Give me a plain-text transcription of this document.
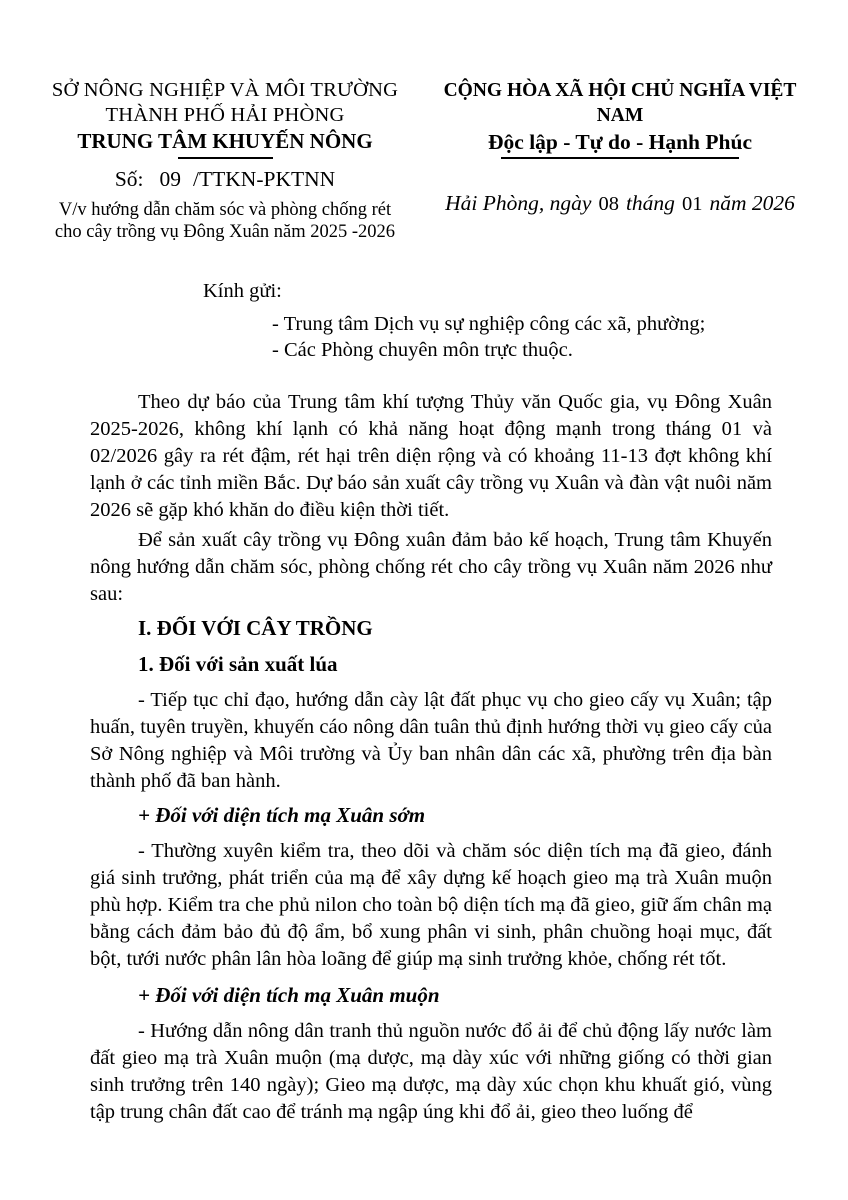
SỞ NÔNG NGHIỆP VÀ MÔI TRƯỜNG
THÀNH PHỐ HẢI PHÒNG
TRUNG TÂM KHUYẾN NÔNG
Số: 09 /TTKN-PKTNN
V/v hướng dẫn chăm sóc và phòng chống rét
cho cây trồng vụ Đông Xuân năm 2025 -2026
CỘNG HÒA XÃ HỘI CHỦ NGHĨA VIỆT NAM
Độc lập - Tự do - Hạnh Phúc
Hải Phòng, ngày 08 tháng 01 năm 2026
Kính gửi:
- Trung tâm Dịch vụ sự nghiệp công các xã, phường;
- Các Phòng chuyên môn trực thuộc.

Theo dự báo của Trung tâm khí tượng Thủy văn Quốc gia, vụ Đông Xuân 2025-2026, không khí lạnh có khả năng hoạt động mạnh trong tháng 01 và 02/2026 gây ra rét đậm, rét hại trên diện rộng và có khoảng 11-13 đợt không khí lạnh ở các tỉnh miền Bắc. Dự báo sản xuất cây trồng vụ Xuân và đàn vật nuôi năm 2026 sẽ gặp khó khăn do điều kiện thời tiết.

Để sản xuất cây trồng vụ Đông xuân đảm bảo kế hoạch, Trung tâm Khuyến nông hướng dẫn chăm sóc, phòng chống rét cho cây trồng vụ Xuân năm 2026 như sau:

I. ĐỐI VỚI CÂY TRỒNG
1. Đối với sản xuất lúa

- Tiếp tục chỉ đạo, hướng dẫn cày lật đất phục vụ cho gieo cấy vụ Xuân; tập huấn, tuyên truyền, khuyến cáo nông dân tuân thủ định hướng thời vụ gieo cấy của Sở Nông nghiệp và Môi trường và Ủy ban nhân dân các xã, phường trên địa bàn thành phố đã ban hành.

+ Đối với diện tích mạ Xuân sớm

- Thường xuyên kiểm tra, theo dõi và chăm sóc diện tích mạ đã gieo, đánh giá sinh trưởng, phát triển của mạ để xây dựng kế hoạch gieo mạ trà Xuân muộn phù hợp. Kiểm tra che phủ nilon cho toàn bộ diện tích mạ đã gieo, giữ ấm chân mạ bằng cách đảm bảo đủ độ ẩm, bổ xung phân vi sinh, phân chuồng hoại mục, đất bột, tưới nước phân lân hòa loãng để giúp mạ sinh trưởng khỏe, chống rét tốt.

+ Đối với diện tích mạ Xuân muộn

- Hướng dẫn nông dân tranh thủ nguồn nước đổ ải để chủ động lấy nước làm đất gieo mạ trà Xuân muộn (mạ dược, mạ dày xúc với những giống có thời gian sinh trưởng trên 140 ngày); Gieo mạ dược, mạ dày xúc chọn khu khuất gió, vùng tập trung chân đất cao để tránh mạ ngập úng khi đổ ải, gieo theo luống để
